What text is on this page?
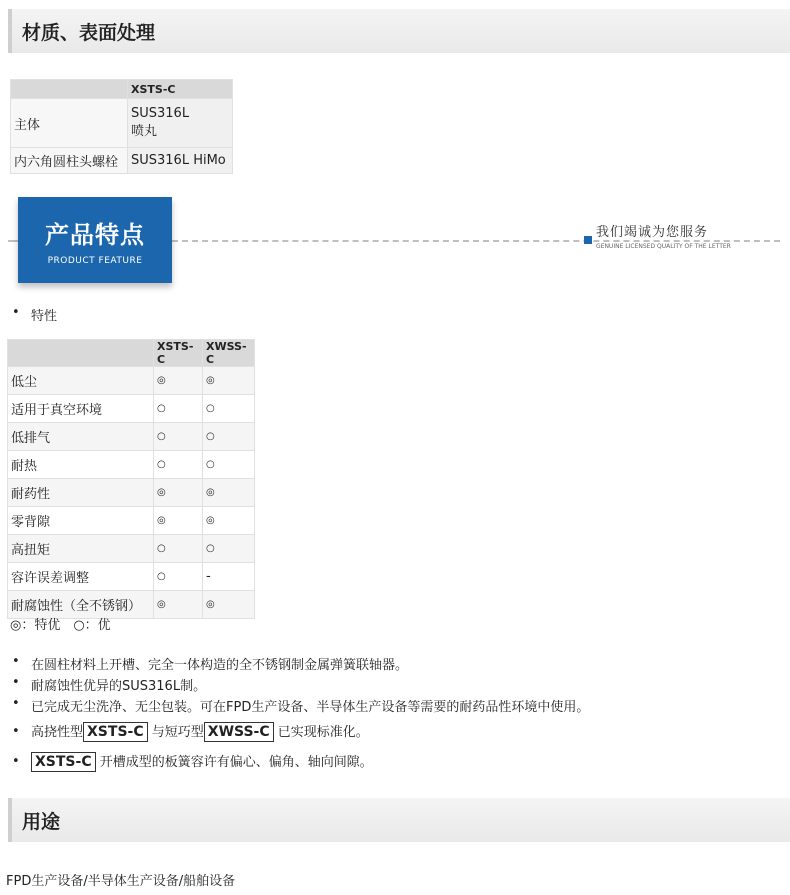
材质、表面处理
	XSTS-C
主体	SUS316L
喷丸

内六角圆柱头螺栓	SUS316L HiMo
产品特点
PRODUCT FEATURE
我们竭诚为您服务
GENUINE LICENSED QUALITY OF THE LETTER
• 特性
	XSTS-C	XWSS-C
低尘	◎	◎
适用于真空环境	○	○
低排气	○	○
耐热	○	○
耐药性	◎	◎
零背隙	◎	◎
高扭矩	○	○
容许误差调整	○	-
耐腐蚀性（全不锈钢）	◎	◎
◎：特优　○：优
• 在圆柱材料上开槽、完全一体构造的全不锈钢制金属弹簧联轴器。
• 耐腐蚀性优异的SUS316L制。
• 已完成无尘洗净、无尘包装。可在FPD生产设备、半导体生产设备等需要的耐药品性环境中使用。
• 高挠性型 XSTS-C 与短巧型 XWSS-C 已实现标准化。
• XSTS-C 开槽成型的板簧容许有偏心、偏角、轴向间隙。
用途
FPD生产设备/半导体生产设备/船舶设备
